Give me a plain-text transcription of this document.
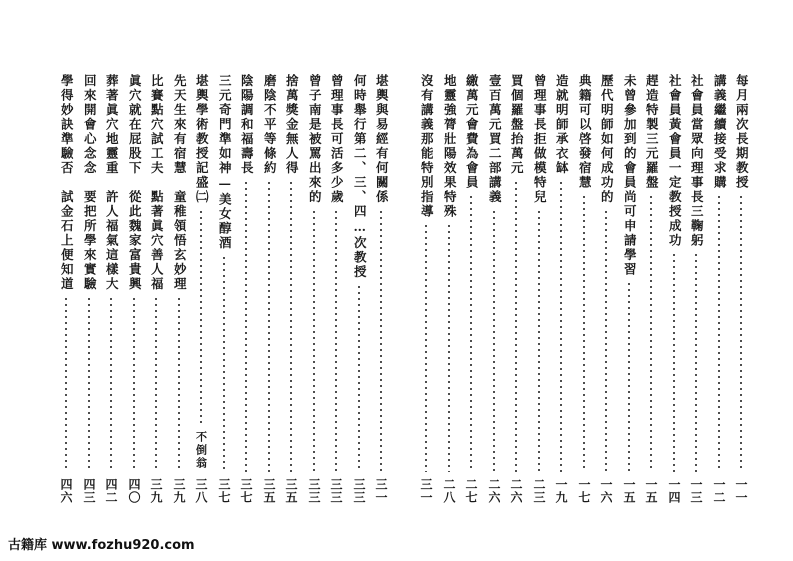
每月兩次長期教授
一一
講義繼續接受求購
一二
社會員當眾向理事長三鞠躬
一三
社會員黃會員一定教授成功
一四
趕造特製三元羅盤
一五
未曾參加到的會員尚可申請學習
一五
歷代明師如何成功的
一六
典籍可以啓發宿慧
一七
造就明師承衣缽
一九
曾理事長拒做模特兒
二三
買個羅盤抬萬元
二六
壹百萬元買二部講義
二六
繳萬元會費為會員
二七
地靈強膂壯陽效果特殊
二八
沒有講義那能特別指導
三一
堪輿與易經有何關係
三一
何時舉行第二、三、四…次教授
三三
曾理事長可活多少歲
三三
曾子南是被罵出來的
三三
捨萬獎金無人得
三五
磨陰不平等條約
三五
陰陽調和福壽長
三七
三元奇門準如神—美女醇酒
三七
堪輿學術教授記盛㈡
不倒翁
三八
先天生來有宿慧　童稚領悟玄妙理
三九
比賽點穴試工夫　點著眞穴善人福
三九
眞穴就在屁股下　從此魏家富貴興
四〇
葬著眞穴地靈重　許人福氣這樣大
四二
回來開會心念念　要把所學來實驗
四三
學得妙訣準驗否　試金石上便知道
四六
古籍库 www.fozhu920.com
